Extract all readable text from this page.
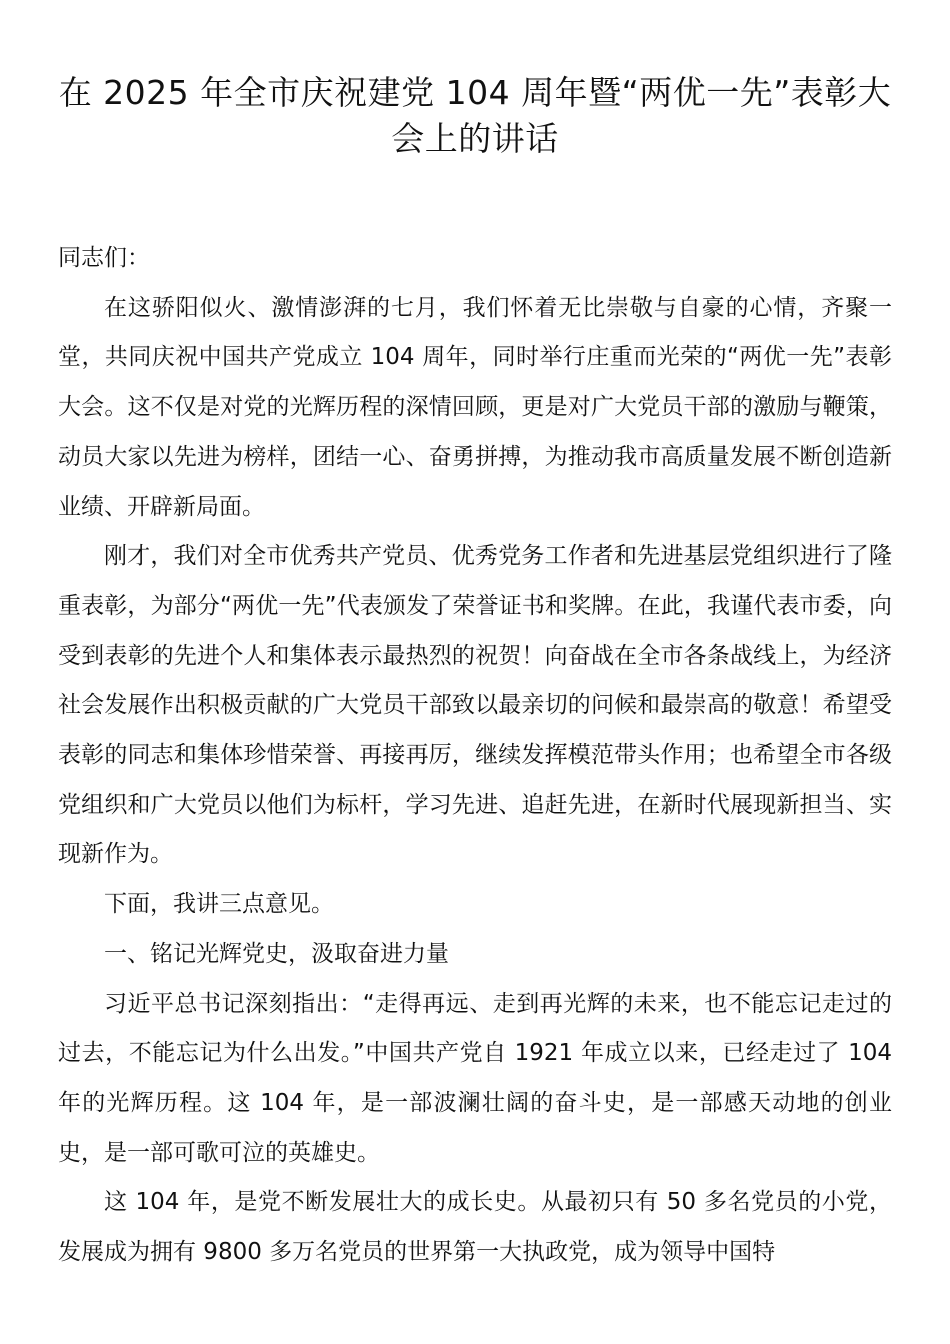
在 2025 年全市庆祝建党 104 周年暨“两优一先”表彰大会上的讲话

同志们：

在这骄阳似火、激情澎湃的七月，我们怀着无比崇敬与自豪的心情，齐聚一堂，共同庆祝中国共产党成立 104 周年，同时举行庄重而光荣的“两优一先”表彰大会。这不仅是对党的光辉历程的深情回顾，更是对广大党员干部的激励与鞭策，动员大家以先进为榜样，团结一心、奋勇拼搏，为推动我市高质量发展不断创造新业绩、开辟新局面。

刚才，我们对全市优秀共产党员、优秀党务工作者和先进基层党组织进行了隆重表彰，为部分“两优一先”代表颁发了荣誉证书和奖牌。在此，我谨代表市委，向受到表彰的先进个人和集体表示最热烈的祝贺！向奋战在全市各条战线上，为经济社会发展作出积极贡献的广大党员干部致以最亲切的问候和最崇高的敬意！希望受表彰的同志和集体珍惜荣誉、再接再厉，继续发挥模范带头作用；也希望全市各级党组织和广大党员以他们为标杆，学习先进、追赶先进，在新时代展现新担当、实现新作为。

下面，我讲三点意见。

一、铭记光辉党史，汲取奋进力量

习近平总书记深刻指出：“走得再远、走到再光辉的未来，也不能忘记走过的过去，不能忘记为什么出发。”中国共产党自 1921 年成立以来，已经走过了 104 年的光辉历程。这 104 年，是一部波澜壮阔的奋斗史，是一部感天动地的创业史，是一部可歌可泣的英雄史。

这 104 年，是党不断发展壮大的成长史。从最初只有 50 多名党员的小党，发展成为拥有 9800 多万名党员的世界第一大执政党，成为领导中国特
